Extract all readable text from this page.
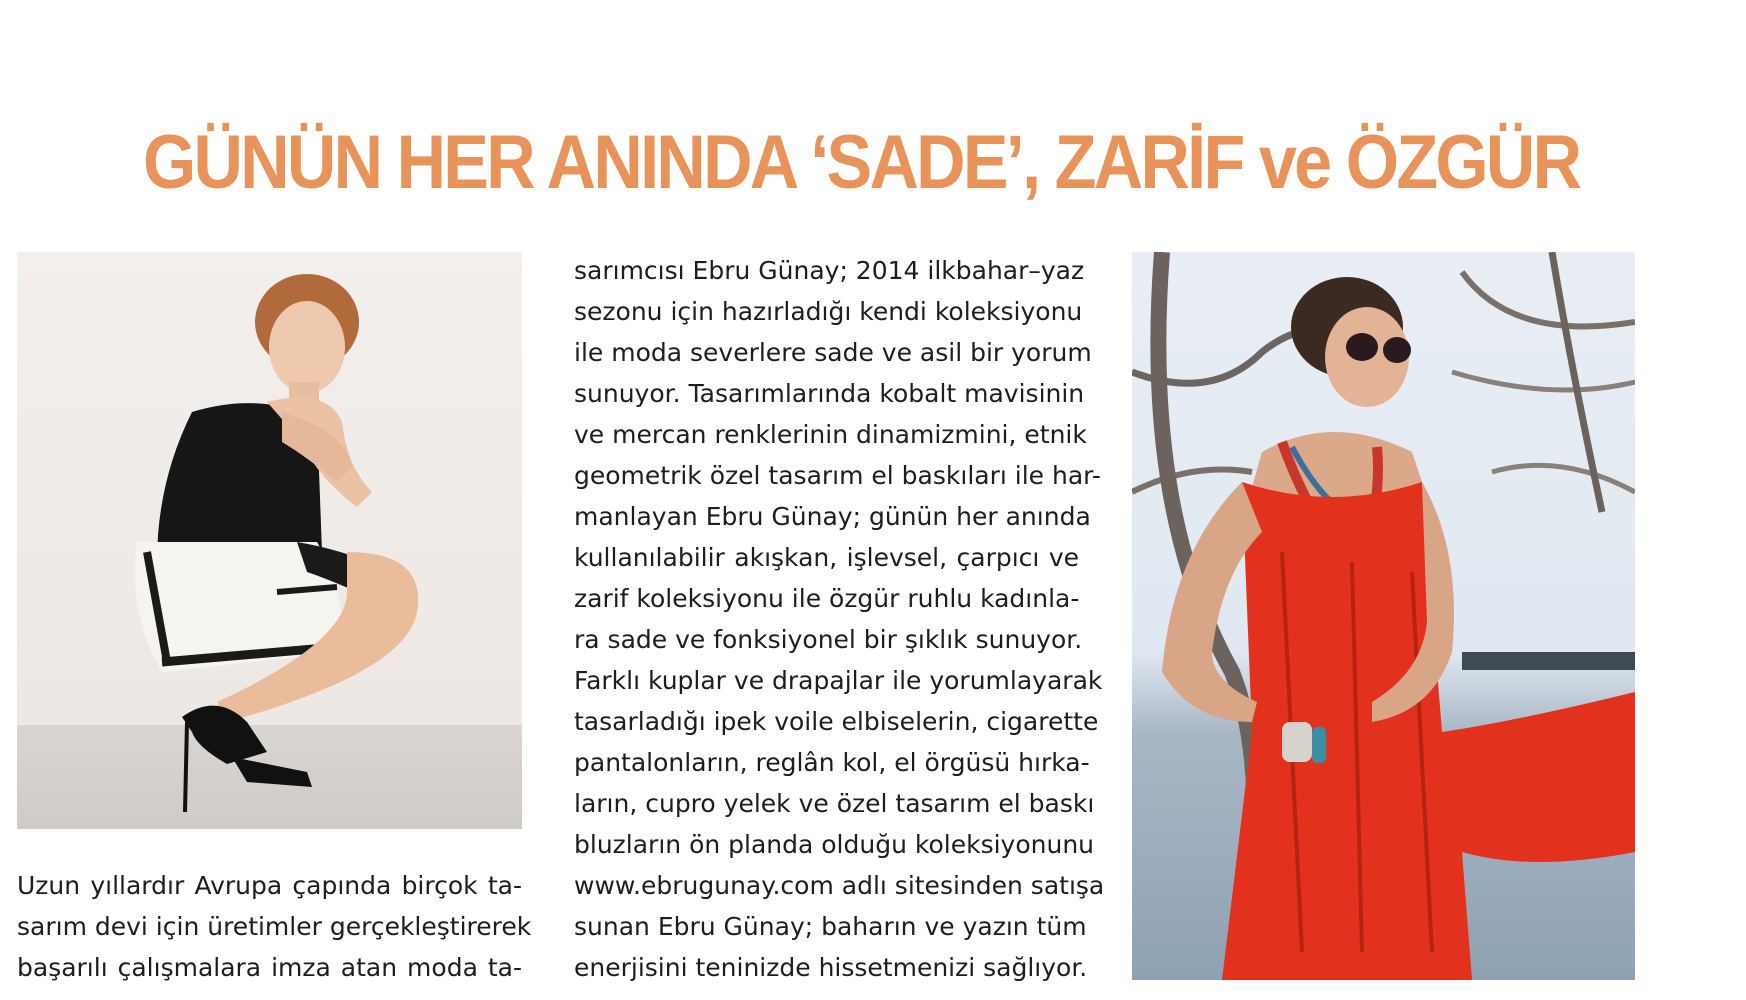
GÜNÜN HER ANINDA ‘SADE’, ZARİF ve ÖZGÜR
Uzun yıllardır Avrupa çapında birçok ta-
sarım devi için üretimler gerçekleştirerek
başarılı çalışmalara imza atan moda ta-
sarımcısı Ebru Günay; 2014 ilkbahar–yaz
sezonu için hazırladığı kendi koleksiyonu
ile moda severlere sade ve asil bir yorum
sunuyor. Tasarımlarında kobalt mavisinin
ve mercan renklerinin dinamizmini, etnik
geometrik özel tasarım el baskıları ile har-
manlayan Ebru Günay; günün her anında
kullanılabilir akışkan, işlevsel, çarpıcı ve
zarif koleksiyonu ile özgür ruhlu kadınla-
ra sade ve fonksiyonel bir şıklık sunuyor.
Farklı kuplar ve drapajlar ile yorumlayarak
tasarladığı ipek voile elbiselerin, cigarette
pantalonların, reglân kol, el örgüsü hırka-
ların, cupro yelek ve özel tasarım el baskı
bluzların ön planda olduğu koleksiyonunu
www.ebrugunay.com adlı sitesinden satışa
sunan Ebru Günay; baharın ve yazın tüm
enerjisini teninizde hissetmenizi sağlıyor.
